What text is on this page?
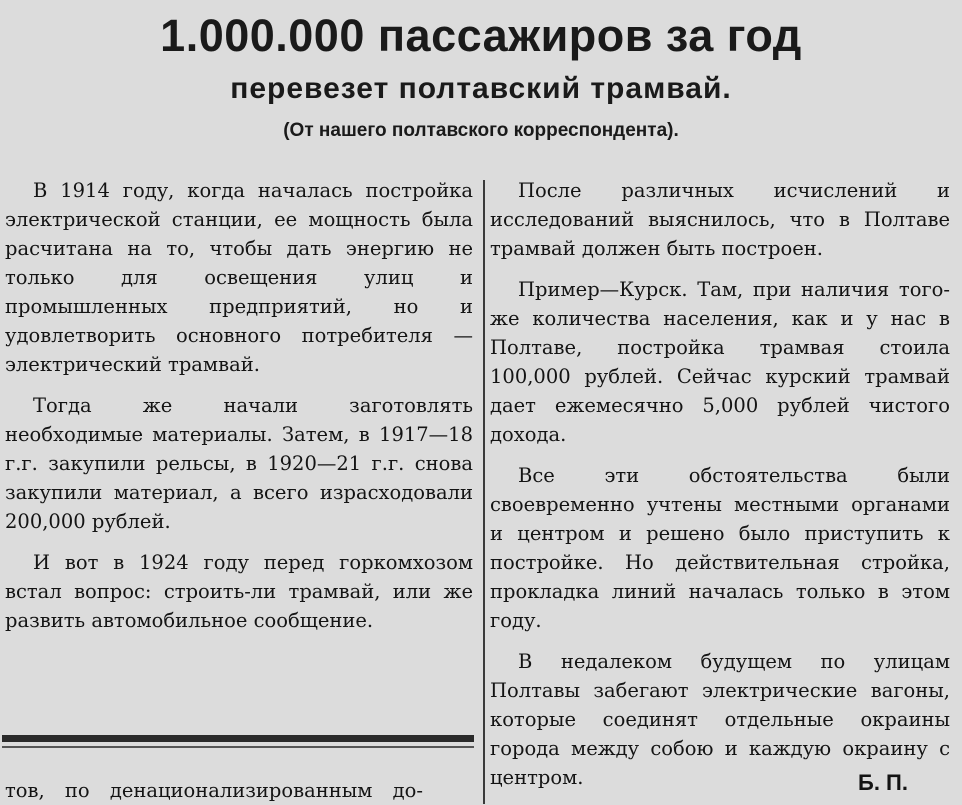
1.000.000 пассажиров за год
перевезет полтавский трамвай.
(От нашего полтавского корреспондента).

В 1914 году, когда началась постройка электрической станции, ее мощность была расчитана на то, чтобы дать энергию не только для освещения улиц и промышленных предприятий, но и удовлетворить основного потребителя — электрический трамвай.

Тогда же начали заготовлять необходимые материалы. Затем, в 1917—18 г.г. закупили рельсы, в 1920—21 г.г. снова закупили материал, а всего израсходовали 200,000 рублей.

И вот в 1924 году перед горкомхозом встал вопрос: строить-ли трамвай, или же развить автомобильное сообщение.

После различных исчислений и исследований выяснилось, что в Полтаве трамвай должен быть построен.

Пример—Курск. Там, при наличия того-же количества населения, как и у нас в Полтаве, постройка трамвая стоила 100,000 рублей. Сейчас курский трамвай дает ежемесячно 5,000 рублей чистого дохода.

Все эти обстоятельства были своевременно учтены местными органами и центром и решено было приступить к постройке. Но действительная стройка, прокладка линий началась только в этом году.

В недалеком будущем по улицам Полтавы забегают электрические вагоны, которые соединят отдельные окраины города между собою и каждую окраину с центром.

тов, по денационализированным до-	Б. П.
